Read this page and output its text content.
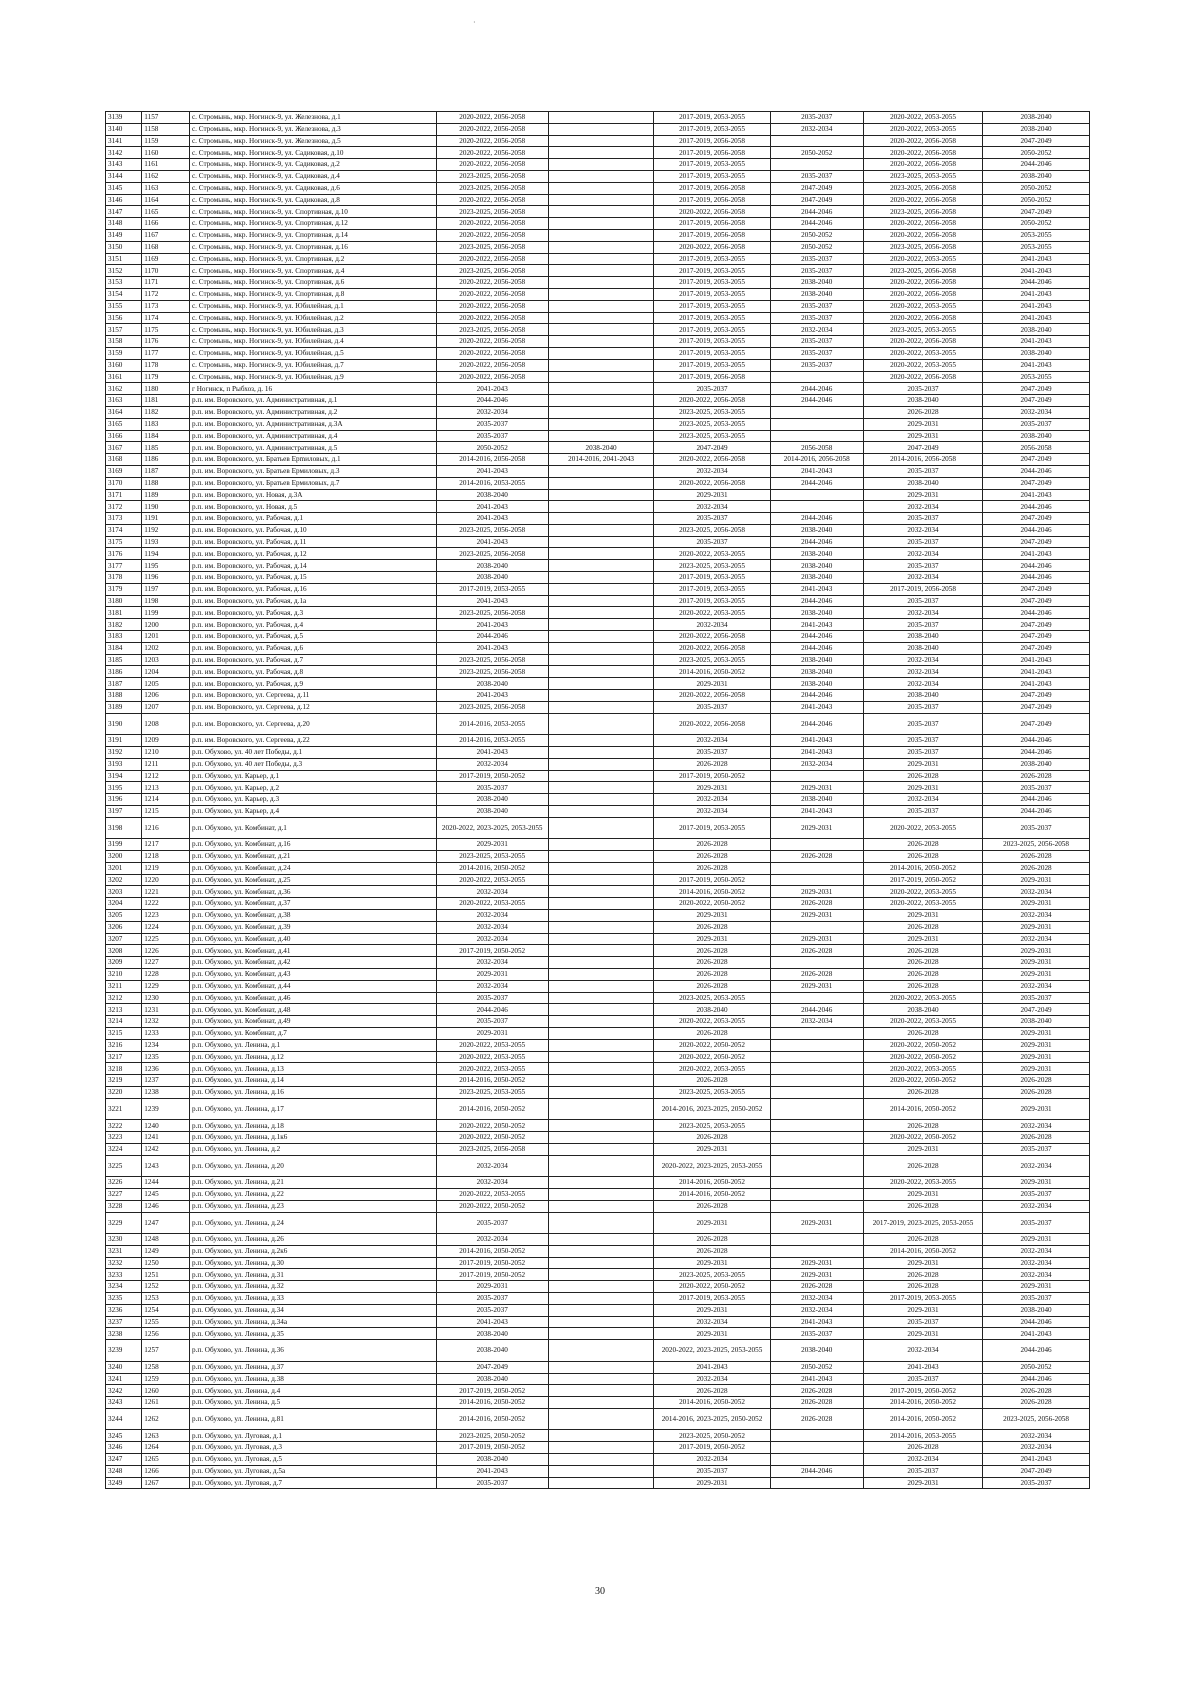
·
3139	1157	с. Стромынь, мкр. Ногинск-9, ул. Железнова, д.1	2020-2022, 2056-2058		2017-2019, 2053-2055	2035-2037	2020-2022, 2053-2055	2038-2040
3140	1158	с. Стромынь, мкр. Ногинск-9, ул. Железнова, д.3	2020-2022, 2056-2058		2017-2019, 2053-2055	2032-2034	2020-2022, 2053-2055	2038-2040
3141	1159	с. Стромынь, мкр. Ногинск-9, ул. Железнова, д.5	2020-2022, 2056-2058		2017-2019, 2056-2058		2020-2022, 2056-2058	2047-2049
3142	1160	с. Стромынь, мкр. Ногинск-9, ул. Садиковая, д.10	2020-2022, 2056-2058		2017-2019, 2056-2058	2050-2052	2020-2022, 2056-2058	2050-2052
3143	1161	с. Стромынь, мкр. Ногинск-9, ул. Садиковая, д.2	2020-2022, 2056-2058		2017-2019, 2053-2055		2020-2022, 2056-2058	2044-2046
3144	1162	с. Стромынь, мкр. Ногинск-9, ул. Садиковая, д.4	2023-2025, 2056-2058		2017-2019, 2053-2055	2035-2037	2023-2025, 2053-2055	2038-2040
3145	1163	с. Стромынь, мкр. Ногинск-9, ул. Садиковая, д.6	2023-2025, 2056-2058		2017-2019, 2056-2058	2047-2049	2023-2025, 2056-2058	2050-2052
3146	1164	с. Стромынь, мкр. Ногинск-9, ул. Садиковая, д.8	2020-2022, 2056-2058		2017-2019, 2056-2058	2047-2049	2020-2022, 2056-2058	2050-2052
3147	1165	с. Стромынь, мкр. Ногинск-9, ул. Спортивная, д.10	2023-2025, 2056-2058		2020-2022, 2056-2058	2044-2046	2023-2025, 2056-2058	2047-2049
3148	1166	с. Стромынь, мкр. Ногинск-9, ул. Спортивная, д.12	2020-2022, 2056-2058		2017-2019, 2056-2058	2044-2046	2020-2022, 2056-2058	2050-2052
3149	1167	с. Стромынь, мкр. Ногинск-9, ул. Спортивная, д.14	2020-2022, 2056-2058		2017-2019, 2056-2058	2050-2052	2020-2022, 2056-2058	2053-2055
3150	1168	с. Стромынь, мкр. Ногинск-9, ул. Спортивная, д.16	2023-2025, 2056-2058		2020-2022, 2056-2058	2050-2052	2023-2025, 2056-2058	2053-2055
3151	1169	с. Стромынь, мкр. Ногинск-9, ул. Спортивная, д.2	2020-2022, 2056-2058		2017-2019, 2053-2055	2035-2037	2020-2022, 2053-2055	2041-2043
3152	1170	с. Стромынь, мкр. Ногинск-9, ул. Спортивная, д.4	2023-2025, 2056-2058		2017-2019, 2053-2055	2035-2037	2023-2025, 2056-2058	2041-2043
3153	1171	с. Стромынь, мкр. Ногинск-9, ул. Спортивная, д.6	2020-2022, 2056-2058		2017-2019, 2053-2055	2038-2040	2020-2022, 2056-2058	2044-2046
3154	1172	с. Стромынь, мкр. Ногинск-9, ул. Спортивная, д.8	2020-2022, 2056-2058		2017-2019, 2053-2055	2038-2040	2020-2022, 2056-2058	2041-2043
3155	1173	с. Стромынь, мкр. Ногинск-9, ул. Юбилейная, д.1	2020-2022, 2056-2058		2017-2019, 2053-2055	2035-2037	2020-2022, 2053-2055	2041-2043
3156	1174	с. Стромынь, мкр. Ногинск-9, ул. Юбилейная, д.2	2020-2022, 2056-2058		2017-2019, 2053-2055	2035-2037	2020-2022, 2056-2058	2041-2043
3157	1175	с. Стромынь, мкр. Ногинск-9, ул. Юбилейная, д.3	2023-2025, 2056-2058		2017-2019, 2053-2055	2032-2034	2023-2025, 2053-2055	2038-2040
3158	1176	с. Стромынь, мкр. Ногинск-9, ул. Юбилейная, д.4	2020-2022, 2056-2058		2017-2019, 2053-2055	2035-2037	2020-2022, 2056-2058	2041-2043
3159	1177	с. Стромынь, мкр. Ногинск-9, ул. Юбилейная, д.5	2020-2022, 2056-2058		2017-2019, 2053-2055	2035-2037	2020-2022, 2053-2055	2038-2040
3160	1178	с. Стромынь, мкр. Ногинск-9, ул. Юбилейная, д.7	2020-2022, 2056-2058		2017-2019, 2053-2055	2035-2037	2020-2022, 2053-2055	2041-2043
3161	1179	с. Стромынь, мкр. Ногинск-9, ул. Юбилейная, д.9	2020-2022, 2056-2058		2017-2019, 2056-2058		2020-2022, 2056-2058	2053-2055
3162	1180	г Ногинск, п Рыбхоз, д. 16	2041-2043		2035-2037	2044-2046	2035-2037	2047-2049
3163	1181	р.п. им. Воровского, ул. Административная, д.1	2044-2046		2020-2022, 2056-2058	2044-2046	2038-2040	2047-2049
3164	1182	р.п. им. Воровского, ул. Административная, д.2	2032-2034		2023-2025, 2053-2055		2026-2028	2032-2034
3165	1183	р.п. им. Воровского, ул. Административная, д.3А	2035-2037		2023-2025, 2053-2055		2029-2031	2035-2037
3166	1184	р.п. им. Воровского, ул. Административная, д.4	2035-2037		2023-2025, 2053-2055		2029-2031	2038-2040
3167	1185	р.п. им. Воровского, ул. Административная, д.5	2050-2052	2038-2040	2047-2049	2056-2058	2047-2049	2056-2058
3168	1186	р.п. им. Воровского, ул. Братьев Ерmиловых, д.1	2014-2016, 2056-2058	2014-2016, 2041-2043	2020-2022, 2056-2058	2014-2016, 2056-2058	2014-2016, 2056-2058	2047-2049
3169	1187	р.п. им. Воровского, ул. Братьев Ермиловых, д.3	2041-2043		2032-2034	2041-2043	2035-2037	2044-2046
3170	1188	р.п. им. Воровского, ул. Братьев Ермиловых, д.7	2014-2016, 2053-2055		2020-2022, 2056-2058	2044-2046	2038-2040	2047-2049
3171	1189	р.п. им. Воровского, ул. Новая, д.3А	2038-2040		2029-2031		2029-2031	2041-2043
3172	1190	р.п. им. Воровского, ул. Новая, д.5	2041-2043		2032-2034		2032-2034	2044-2046
3173	1191	р.п. им. Воровского, ул. Рабочая, д.1	2041-2043		2035-2037	2044-2046	2035-2037	2047-2049
3174	1192	р.п. им. Воровского, ул. Рабочая, д.10	2023-2025, 2056-2058		2023-2025, 2056-2058	2038-2040	2032-2034	2044-2046
3175	1193	р.п. им. Воровского, ул. Рабочая, д.11	2041-2043		2035-2037	2044-2046	2035-2037	2047-2049
3176	1194	р.п. им. Воровского, ул. Рабочая, д.12	2023-2025, 2056-2058		2020-2022, 2053-2055	2038-2040	2032-2034	2041-2043
3177	1195	р.п. им. Воровского, ул. Рабочая, д.14	2038-2040		2023-2025, 2053-2055	2038-2040	2035-2037	2044-2046
3178	1196	р.п. им. Воровского, ул. Рабочая, д.15	2038-2040		2017-2019, 2053-2055	2038-2040	2032-2034	2044-2046
3179	1197	р.п. им. Воровского, ул. Рабочая, д.16	2017-2019, 2053-2055		2017-2019, 2053-2055	2041-2043	2017-2019, 2056-2058	2047-2049
3180	1198	р.п. им. Воровского, ул. Рабочая, д.1а	2041-2043		2017-2019, 2053-2055	2044-2046	2035-2037	2047-2049
3181	1199	р.п. им. Воровского, ул. Рабочая, д.3	2023-2025, 2056-2058		2020-2022, 2053-2055	2038-2040	2032-2034	2044-2046
3182	1200	р.п. им. Воровского, ул. Рабочая, д.4	2041-2043		2032-2034	2041-2043	2035-2037	2047-2049
3183	1201	р.п. им. Воровского, ул. Рабочая, д.5	2044-2046		2020-2022, 2056-2058	2044-2046	2038-2040	2047-2049
3184	1202	р.п. им. Воровского, ул. Рабочая, д.6	2041-2043		2020-2022, 2056-2058	2044-2046	2038-2040	2047-2049
3185	1203	р.п. им. Воровского, ул. Рабочая, д.7	2023-2025, 2056-2058		2023-2025, 2053-2055	2038-2040	2032-2034	2041-2043
3186	1204	р.п. им. Воровского, ул. Рабочая, д.8	2023-2025, 2056-2058		2014-2016, 2050-2052	2038-2040	2032-2034	2041-2043
3187	1205	р.п. им. Воровского, ул. Рабочая, д.9	2038-2040		2029-2031	2038-2040	2032-2034	2041-2043
3188	1206	р.п. им. Воровского, ул. Сергеева, д.11	2041-2043		2020-2022, 2056-2058	2044-2046	2038-2040	2047-2049
3189	1207	р.п. им. Воровского, ул. Сергеева, д.12	2023-2025, 2056-2058		2035-2037	2041-2043	2035-2037	2047-2049
3190	1208	р.п. им. Воровского, ул. Сергеева, д.20	2014-2016, 2053-2055		2020-2022, 2056-2058	2044-2046	2035-2037	2047-2049
3191	1209	р.п. им. Воровского, ул. Сергеева, д.22	2014-2016, 2053-2055		2032-2034	2041-2043	2035-2037	2044-2046
3192	1210	р.п. Обухово, ул. 40 лет Победы, д.1	2041-2043		2035-2037	2041-2043	2035-2037	2044-2046
3193	1211	р.п. Обухово, ул. 40 лет Победы, д.3	2032-2034		2026-2028	2032-2034	2029-2031	2038-2040
3194	1212	р.п. Обухово, ул. Карьер, д.1	2017-2019, 2050-2052		2017-2019, 2050-2052		2026-2028	2026-2028
3195	1213	р.п. Обухово, ул. Карьер, д.2	2035-2037		2029-2031	2029-2031	2029-2031	2035-2037
3196	1214	р.п. Обухово, ул. Карьер, д.3	2038-2040		2032-2034	2038-2040	2032-2034	2044-2046
3197	1215	р.п. Обухово, ул. Карьер, д.4	2038-2040		2032-2034	2041-2043	2035-2037	2044-2046
3198	1216	р.п. Обухово, ул. Комбинат, д.1	2020-2022, 2023-2025, 2053-2055		2017-2019, 2053-2055	2029-2031	2020-2022, 2053-2055	2035-2037
3199	1217	р.п. Обухово, ул. Комбинат, д.16	2029-2031		2026-2028		2026-2028	2023-2025, 2056-2058
3200	1218	р.п. Обухово, ул. Комбинат, д.21	2023-2025, 2053-2055		2026-2028	2026-2028	2026-2028	2026-2028
3201	1219	р.п. Обухово, ул. Комбинат, д.24	2014-2016, 2050-2052		2026-2028		2014-2016, 2050-2052	2026-2028
3202	1220	р.п. Обухово, ул. Комбинат, д.25	2020-2022, 2053-2055		2017-2019, 2050-2052		2017-2019, 2050-2052	2029-2031
3203	1221	р.п. Обухово, ул. Комбинат, д.36	2032-2034		2014-2016, 2050-2052	2029-2031	2020-2022, 2053-2055	2032-2034
3204	1222	р.п. Обухово, ул. Комбинат, д.37	2020-2022, 2053-2055		2020-2022, 2050-2052	2026-2028	2020-2022, 2053-2055	2029-2031
3205	1223	р.п. Обухово, ул. Комбинат, д.38	2032-2034		2029-2031	2029-2031	2029-2031	2032-2034
3206	1224	р.п. Обухово, ул. Комбинат, д.39	2032-2034		2026-2028		2026-2028	2029-2031
3207	1225	р.п. Обухово, ул. Комбинат, д.40	2032-2034		2029-2031	2029-2031	2029-2031	2032-2034
3208	1226	р.п. Обухово, ул. Комбинат, д.41	2017-2019, 2050-2052		2026-2028	2026-2028	2026-2028	2029-2031
3209	1227	р.п. Обухово, ул. Комбинат, д.42	2032-2034		2026-2028		2026-2028	2029-2031
3210	1228	р.п. Обухово, ул. Комбинат, д.43	2029-2031		2026-2028	2026-2028	2026-2028	2029-2031
3211	1229	р.п. Обухово, ул. Комбинат, д.44	2032-2034		2026-2028	2029-2031	2026-2028	2032-2034
3212	1230	р.п. Обухово, ул. Комбинат, д.46	2035-2037		2023-2025, 2053-2055		2020-2022, 2053-2055	2035-2037
3213	1231	р.п. Обухово, ул. Комбинат, д.48	2044-2046		2038-2040	2044-2046	2038-2040	2047-2049
3214	1232	р.п. Обухово, ул. Комбинат, д.49	2035-2037		2020-2022, 2053-2055	2032-2034	2020-2022, 2053-2055	2038-2040
3215	1233	р.п. Обухово, ул. Комбинат, д.7	2029-2031		2026-2028		2026-2028	2029-2031
3216	1234	р.п. Обухово, ул. Ленина, д.1	2020-2022, 2053-2055		2020-2022, 2050-2052		2020-2022, 2050-2052	2029-2031
3217	1235	р.п. Обухово, ул. Ленина, д.12	2020-2022, 2053-2055		2020-2022, 2050-2052		2020-2022, 2050-2052	2029-2031
3218	1236	р.п. Обухово, ул. Ленина, д.13	2020-2022, 2053-2055		2020-2022, 2053-2055		2020-2022, 2053-2055	2029-2031
3219	1237	р.п. Обухово, ул. Ленина, д.14	2014-2016, 2050-2052		2026-2028		2020-2022, 2050-2052	2026-2028
3220	1238	р.п. Обухово, ул. Ленина, д.16	2023-2025, 2053-2055		2023-2025, 2053-2055		2026-2028	2026-2028
3221	1239	р.п. Обухово, ул. Ленина, д.17	2014-2016, 2050-2052		2014-2016, 2023-2025, 2050-2052		2014-2016, 2050-2052	2029-2031
3222	1240	р.п. Обухово, ул. Ленина, д.18	2020-2022, 2050-2052		2023-2025, 2053-2055		2026-2028	2032-2034
3223	1241	р.п. Обухово, ул. Ленина, д.1к6	2020-2022, 2050-2052		2026-2028		2020-2022, 2050-2052	2026-2028
3224	1242	р.п. Обухово, ул. Ленина, д.2	2023-2025, 2056-2058		2029-2031		2029-2031	2035-2037
3225	1243	р.п. Обухово, ул. Ленина, д.20	2032-2034		2020-2022, 2023-2025, 2053-2055		2026-2028	2032-2034
3226	1244	р.п. Обухово, ул. Ленина, д.21	2032-2034		2014-2016, 2050-2052		2020-2022, 2053-2055	2029-2031
3227	1245	р.п. Обухово, ул. Ленина, д.22	2020-2022, 2053-2055		2014-2016, 2050-2052		2029-2031	2035-2037
3228	1246	р.п. Обухово, ул. Ленина, д.23	2020-2022, 2050-2052		2026-2028		2026-2028	2032-2034
3229	1247	р.п. Обухово, ул. Ленина, д.24	2035-2037		2029-2031	2029-2031	2017-2019, 2023-2025, 2053-2055	2035-2037
3230	1248	р.п. Обухово, ул. Ленина, д.26	2032-2034		2026-2028		2026-2028	2029-2031
3231	1249	р.п. Обухово, ул. Ленина, д.2к6	2014-2016, 2050-2052		2026-2028		2014-2016, 2050-2052	2032-2034
3232	1250	р.п. Обухово, ул. Ленина, д.30	2017-2019, 2050-2052		2029-2031	2029-2031	2029-2031	2032-2034
3233	1251	р.п. Обухово, ул. Ленина, д.31	2017-2019, 2050-2052		2023-2025, 2053-2055	2029-2031	2026-2028	2032-2034
3234	1252	р.п. Обухово, ул. Ленина, д.32	2029-2031		2020-2022, 2050-2052	2026-2028	2026-2028	2029-2031
3235	1253	р.п. Обухово, ул. Ленина, д.33	2035-2037		2017-2019, 2053-2055	2032-2034	2017-2019, 2053-2055	2035-2037
3236	1254	р.п. Обухово, ул. Ленина, д.34	2035-2037		2029-2031	2032-2034	2029-2031	2038-2040
3237	1255	р.п. Обухово, ул. Ленина, д.34а	2041-2043		2032-2034	2041-2043	2035-2037	2044-2046
3238	1256	р.п. Обухово, ул. Ленина, д.35	2038-2040		2029-2031	2035-2037	2029-2031	2041-2043
3239	1257	р.п. Обухово, ул. Ленина, д.36	2038-2040		2020-2022, 2023-2025, 2053-2055	2038-2040	2032-2034	2044-2046
3240	1258	р.п. Обухово, ул. Ленина, д.37	2047-2049		2041-2043	2050-2052	2041-2043	2050-2052
3241	1259	р.п. Обухово, ул. Ленина, д.38	2038-2040		2032-2034	2041-2043	2035-2037	2044-2046
3242	1260	р.п. Обухово, ул. Ленина, д.4	2017-2019, 2050-2052		2026-2028	2026-2028	2017-2019, 2050-2052	2026-2028
3243	1261	р.п. Обухово, ул. Ленина, д.5	2014-2016, 2050-2052		2014-2016, 2050-2052	2026-2028	2014-2016, 2050-2052	2026-2028
3244	1262	р.п. Обухово, ул. Ленина, д.81	2014-2016, 2050-2052		2014-2016, 2023-2025, 2050-2052	2026-2028	2014-2016, 2050-2052	2023-2025, 2056-2058
3245	1263	р.п. Обухово, ул. Луговая, д.1	2023-2025, 2050-2052		2023-2025, 2050-2052		2014-2016, 2053-2055	2032-2034
3246	1264	р.п. Обухово, ул. Луговая, д.3	2017-2019, 2050-2052		2017-2019, 2050-2052		2026-2028	2032-2034
3247	1265	р.п. Обухово, ул. Луговая, д.5	2038-2040		2032-2034		2032-2034	2041-2043
3248	1266	р.п. Обухово, ул. Луговая, д.5а	2041-2043		2035-2037	2044-2046	2035-2037	2047-2049
3249	1267	р.п. Обухово, ул. Луговая, д.7	2035-2037		2029-2031		2029-2031	2035-2037
30
